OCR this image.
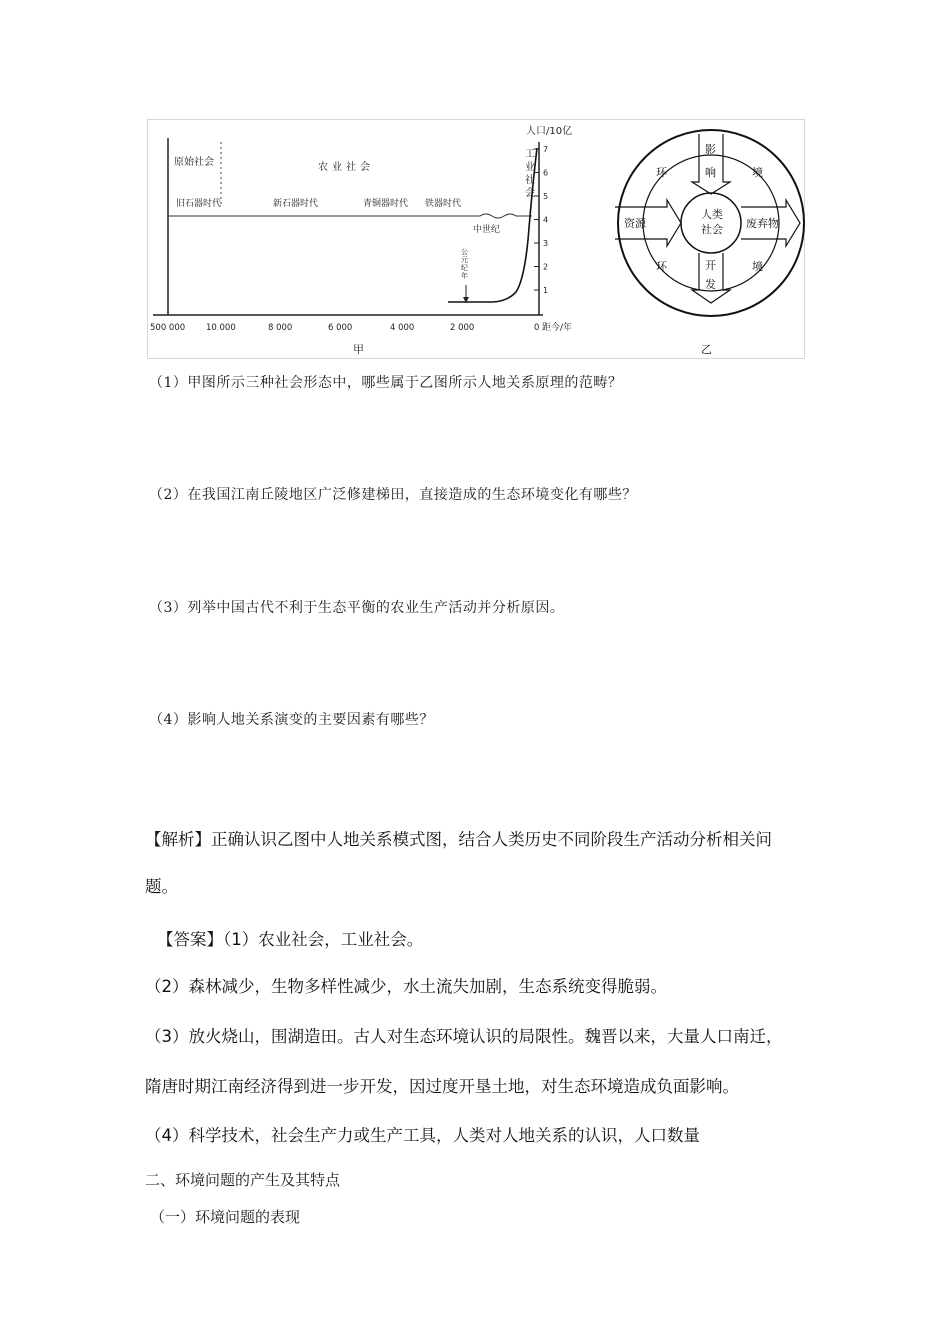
1
2
3
4
5
6
7
500 000 10 000	8 000	6 000	4 000	2 000	0
人口/10亿
距今/年
原始社会	农业社会
工
业
社
会
旧石器时代	新石器时代	青铜器时代 铁器时代
中世纪
公
元
纪
年
甲
人类
社会
资源	废弃物
影
响
开
发
环	境
环	境
乙
（1）甲图所示三种社会形态中，哪些属于乙图所示人地关系原理的范畴？
（2）在我国江南丘陵地区广泛修建梯田，直接造成的生态环境变化有哪些？
（3）列举中国古代不利于生态平衡的农业生产活动并分析原因。
（4）影响人地关系演变的主要因素有哪些？
【解析】正确认识乙图中人地关系模式图，结合人类历史不同阶段生产活动分析相关问
题。
【答案】（1）农业社会，工业社会。
（2）森林减少，生物多样性减少，水土流失加剧，生态系统变得脆弱。
（3）放火烧山，围湖造田。古人对生态环境认识的局限性。魏晋以来，大量人口南迁，
隋唐时期江南经济得到进一步开发，因过度开垦土地，对生态环境造成负面影响。
（4）科学技术，社会生产力或生产工具，人类对人地关系的认识，人口数量
二、环境问题的产生及其特点
（一）环境问题的表现
